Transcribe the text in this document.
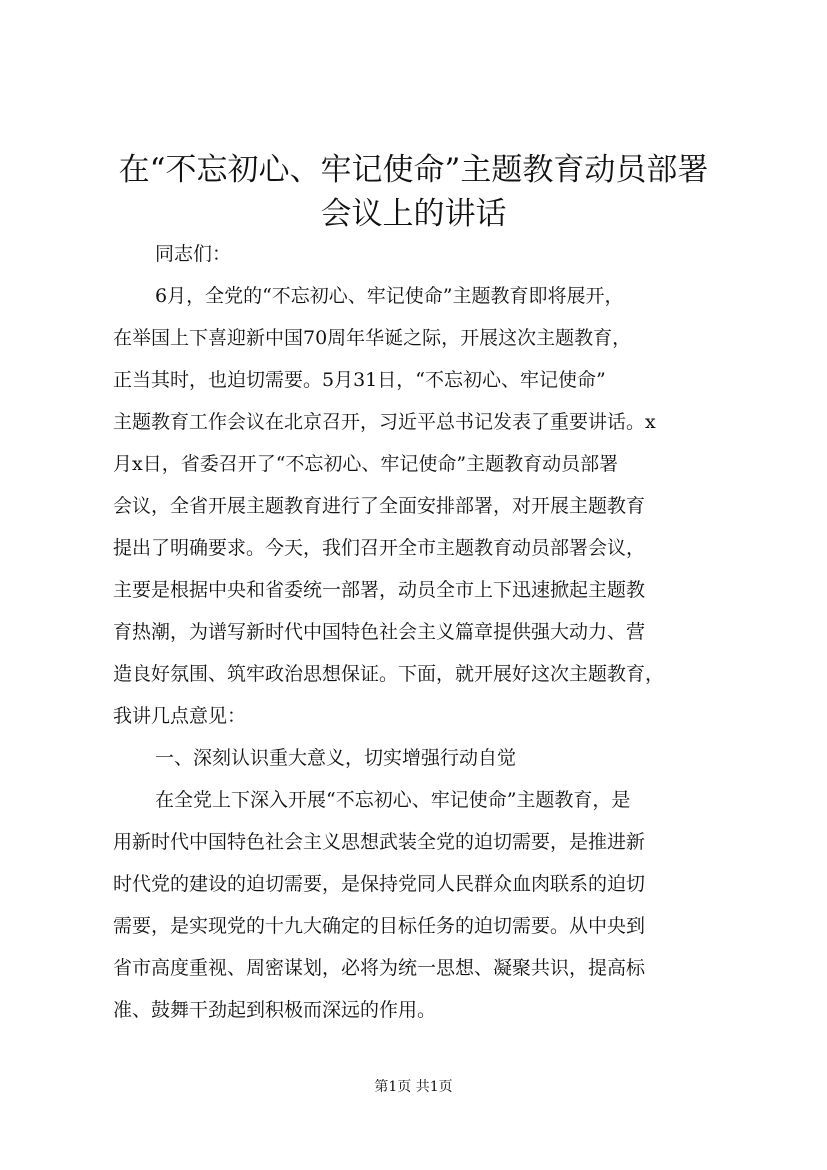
在“不忘初心、牢记使命”主题教育动员部署
会议上的讲话
同志们：
6月，全党的“不忘初心、牢记使命”主题教育即将展开，
在举国上下喜迎新中国70周年华诞之际，开展这次主题教育，
正当其时，也迫切需要。5月31日，“不忘初心、牢记使命”
主题教育工作会议在北京召开，习近平总书记发表了重要讲话。x
月x日，省委召开了“不忘初心、牢记使命”主题教育动员部署
会议，全省开展主题教育进行了全面安排部署，对开展主题教育
提出了明确要求。今天，我们召开全市主题教育动员部署会议，
主要是根据中央和省委统一部署，动员全市上下迅速掀起主题教
育热潮，为谱写新时代中国特色社会主义篇章提供强大动力、营
造良好氛围、筑牢政治思想保证。下面，就开展好这次主题教育，
我讲几点意见：
一、深刻认识重大意义，切实增强行动自觉
在全党上下深入开展“不忘初心、牢记使命”主题教育，是
用新时代中国特色社会主义思想武装全党的迫切需要，是推进新
时代党的建设的迫切需要，是保持党同人民群众血肉联系的迫切
需要，是实现党的十九大确定的目标任务的迫切需要。从中央到
省市高度重视、周密谋划，必将为统一思想、凝聚共识，提高标
准、鼓舞干劲起到积极而深远的作用。
第1页 共1页
